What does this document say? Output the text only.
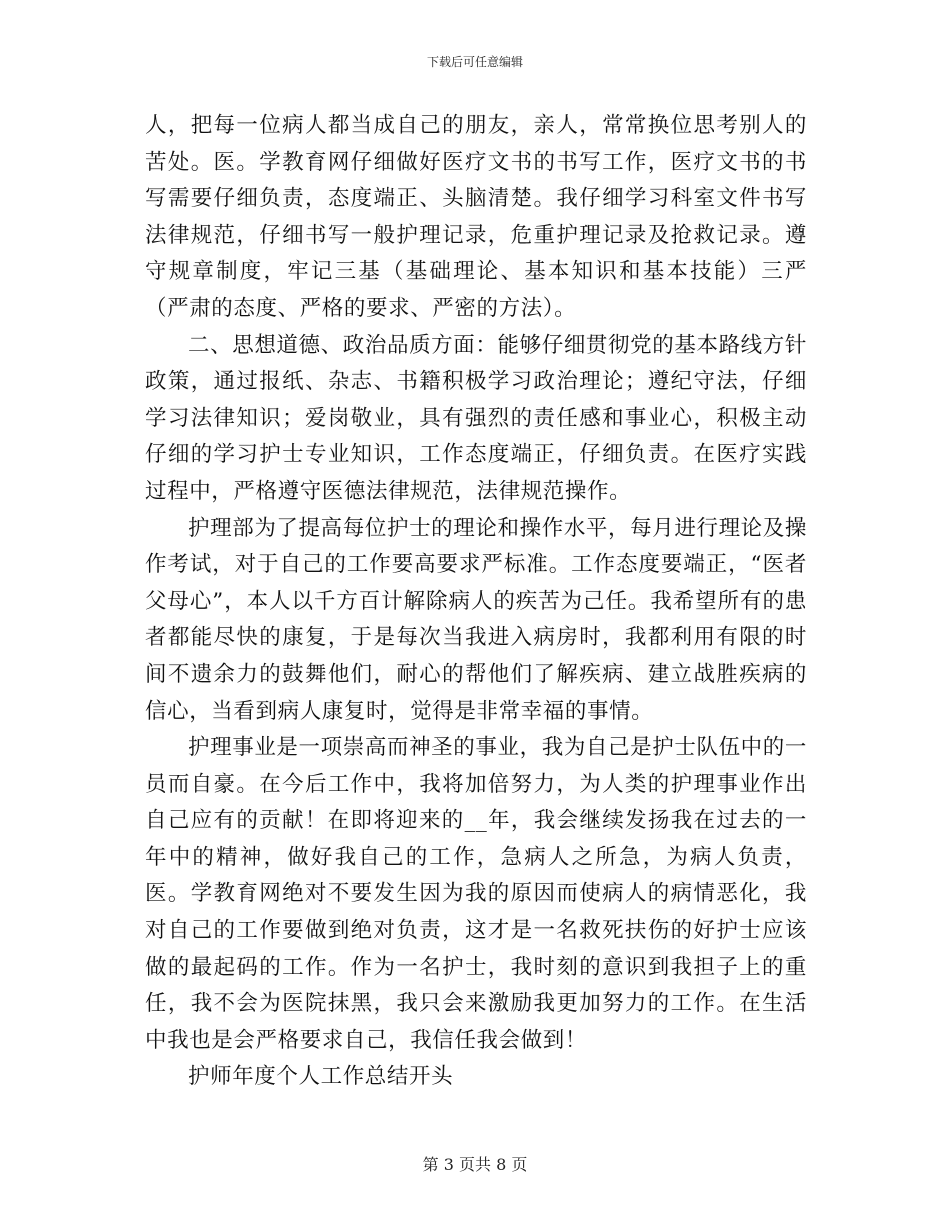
下载后可任意编辑

人，把每一位病人都当成自己的朋友，亲人，常常换位思考别人的苦处。医。学教育网仔细做好医疗文书的书写工作，医疗文书的书写需要仔细负责，态度端正、头脑清楚。我仔细学习科室文件书写法律规范，仔细书写一般护理记录，危重护理记录及抢救记录。遵守规章制度，牢记三基（基础理论、基本知识和基本技能）三严（严肃的态度、严格的要求、严密的方法）。

二、思想道德、政治品质方面：能够仔细贯彻党的基本路线方针政策，通过报纸、杂志、书籍积极学习政治理论；遵纪守法，仔细学习法律知识；爱岗敬业，具有强烈的责任感和事业心，积极主动仔细的学习护士专业知识，工作态度端正，仔细负责。在医疗实践过程中，严格遵守医德法律规范，法律规范操作。

护理部为了提高每位护士的理论和操作水平，每月进行理论及操作考试，对于自己的工作要高要求严标准。工作态度要端正，“医者父母心”，本人以千方百计解除病人的疾苦为己任。我希望所有的患者都能尽快的康复，于是每次当我进入病房时，我都利用有限的时间不遗余力的鼓舞他们，耐心的帮他们了解疾病、建立战胜疾病的信心，当看到病人康复时，觉得是非常幸福的事情。

护理事业是一项崇高而神圣的事业，我为自己是护士队伍中的一员而自豪。在今后工作中，我将加倍努力，为人类的护理事业作出自己应有的贡献！在即将迎来的__年，我会继续发扬我在过去的一年中的精神，做好我自己的工作，急病人之所急，为病人负责，医。学教育网绝对不要发生因为我的原因而使病人的病情恶化，我对自己的工作要做到绝对负责，这才是一名救死扶伤的好护士应该做的最起码的工作。作为一名护士，我时刻的意识到我担子上的重任，我不会为医院抹黑，我只会来激励我更加努力的工作。在生活中我也是会严格要求自己，我信任我会做到！

护师年度个人工作总结开头

第 3 页共 8 页
